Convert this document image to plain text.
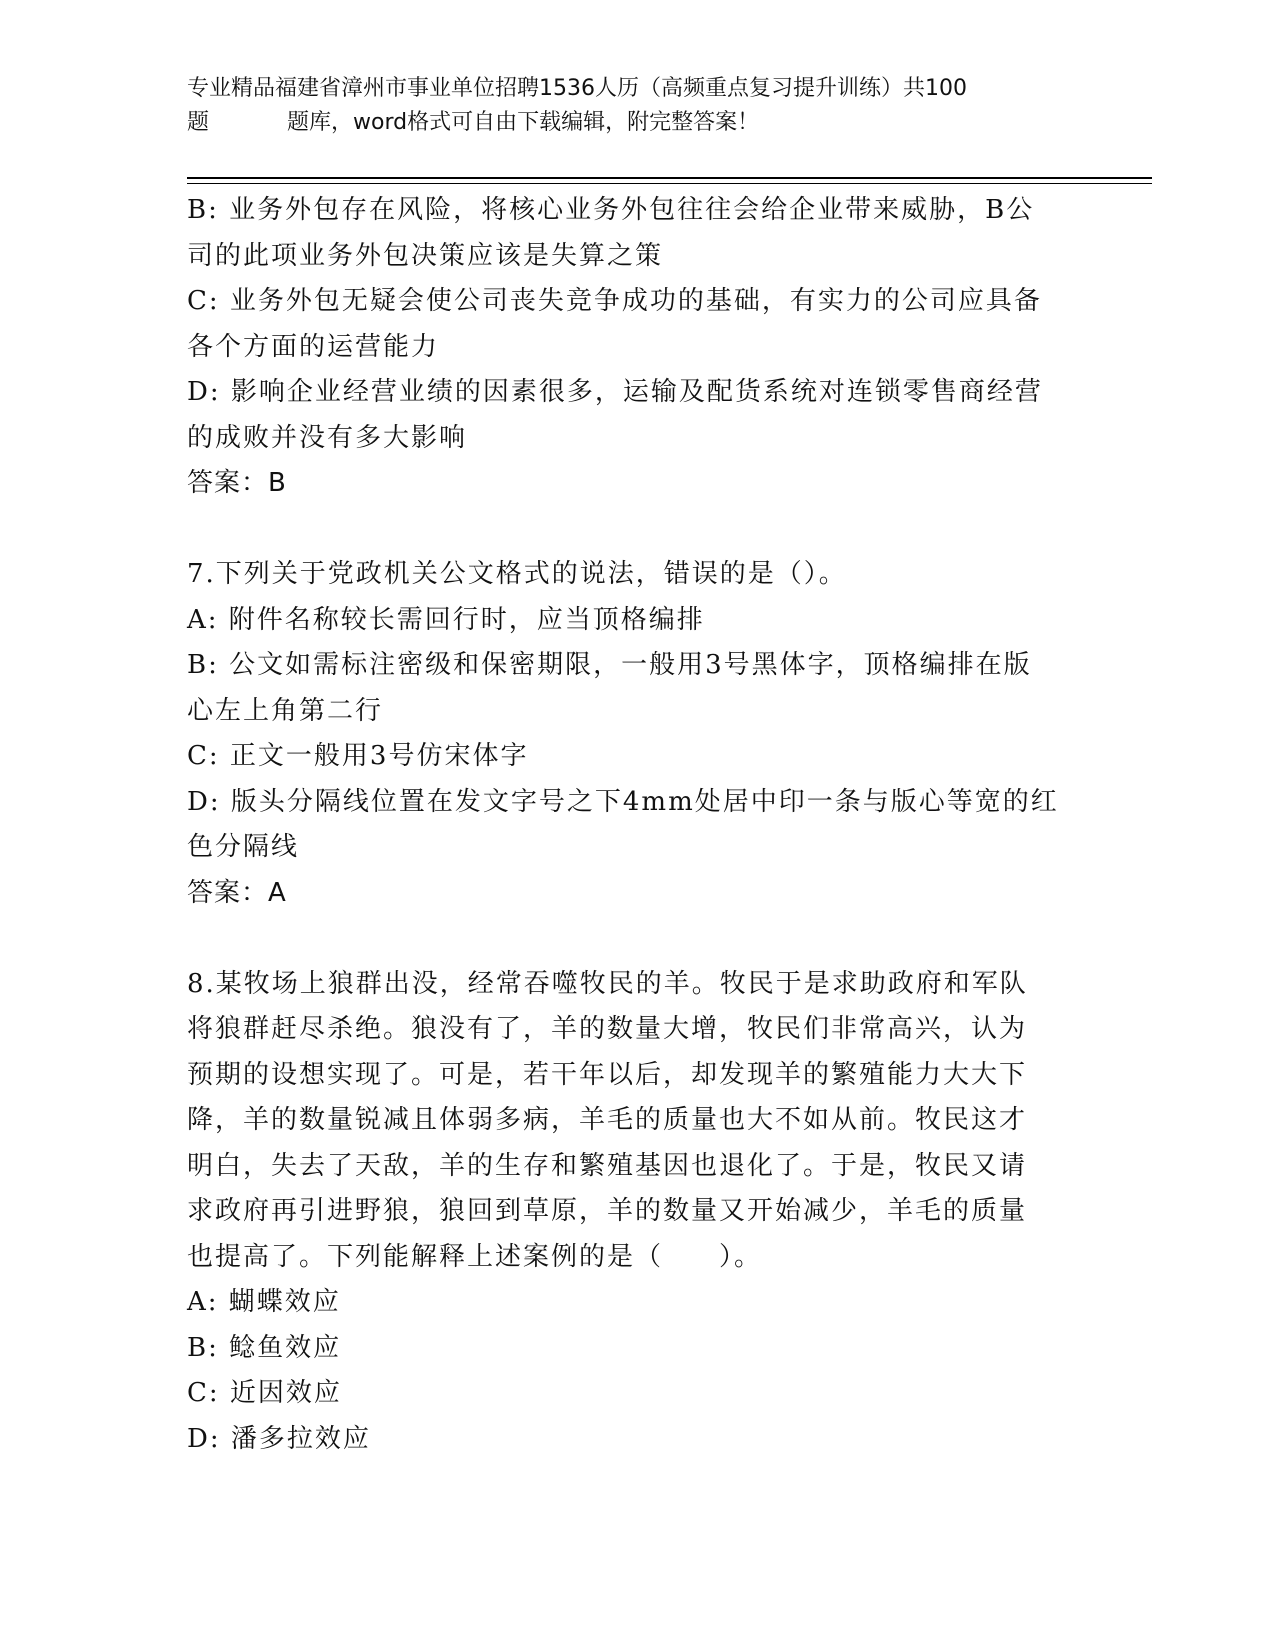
专业精品福建省漳州市事业单位招聘1536人历（高频重点复习提升训练）共100
题	题库，word格式可自由下载编辑，附完整答案！
B: 业务外包存在风险，将核心业务外包往往会给企业带来威胁，B公
司的此项业务外包决策应该是失算之策
C: 业务外包无疑会使公司丧失竞争成功的基础，有实力的公司应具备
各个方面的运营能力
D: 影响企业经营业绩的因素很多，运输及配货系统对连锁零售商经营
的成败并没有多大影响
答案：B
7.下列关于党政机关公文格式的说法，错误的是（）。
A: 附件名称较长需回行时，应当顶格编排
B: 公文如需标注密级和保密期限，一般用3号黑体字，顶格编排在版
心左上角第二行
C: 正文一般用3号仿宋体字
D: 版头分隔线位置在发文字号之下4mm处居中印一条与版心等宽的红
色分隔线
答案：A
8.某牧场上狼群出没，经常吞噬牧民的羊。牧民于是求助政府和军队
将狼群赶尽杀绝。狼没有了，羊的数量大增，牧民们非常高兴，认为
预期的设想实现了。可是，若干年以后，却发现羊的繁殖能力大大下
降，羊的数量锐减且体弱多病，羊毛的质量也大不如从前。牧民这才
明白，失去了天敌，羊的生存和繁殖基因也退化了。于是，牧民又请
求政府再引进野狼，狼回到草原，羊的数量又开始减少，羊毛的质量
也提高了。下列能解释上述案例的是（　　）。
A: 蝴蝶效应
B: 鲶鱼效应
C: 近因效应
D: 潘多拉效应
